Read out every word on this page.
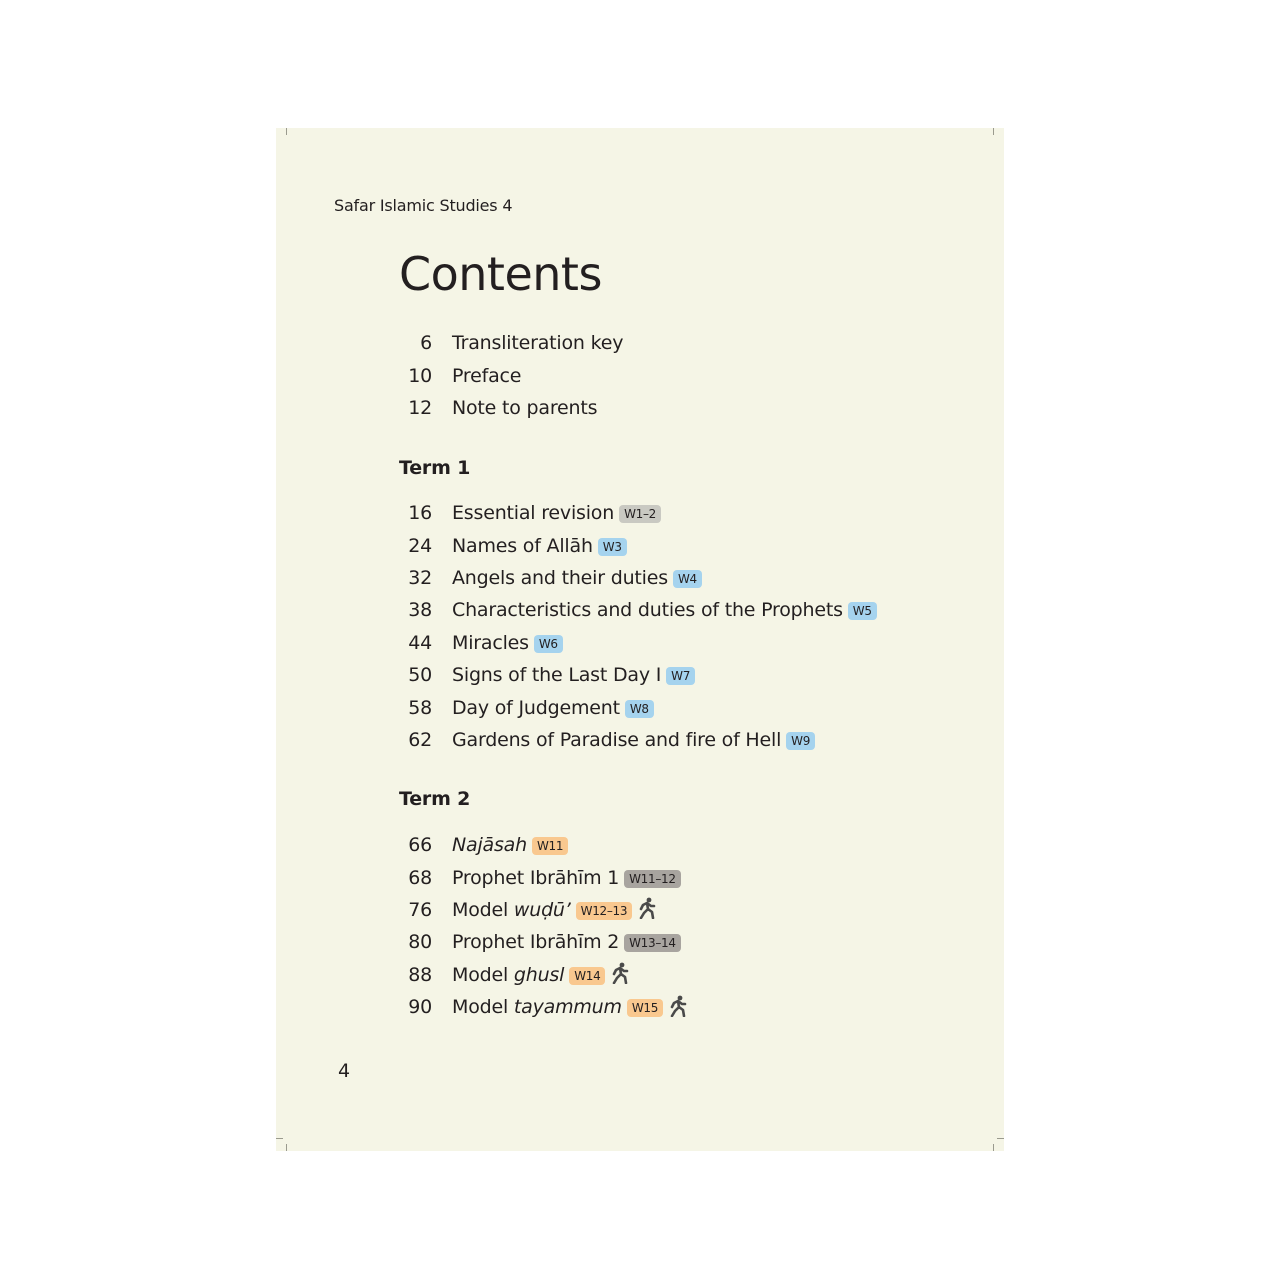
Safar Islamic Studies 4
Contents
6 Transliteration key
10 Preface
12 Note to parents
Term 1
16 Essential revision W1–2
24 Names of Allāh W3
32 Angels and their duties W4
38 Characteristics and duties of the Prophets W5
44 Miracles W6
50 Signs of the Last Day I W7
58 Day of Judgement W8
62 Gardens of Paradise and fire of Hell W9
Term 2
66 Najāsah W11
68 Prophet Ibrāhīm 1 W11–12
76 Model wuḍū’ W12–13
80 Prophet Ibrāhīm 2 W13–14
88 Model ghusl W14
90 Model tayammum W15
4
